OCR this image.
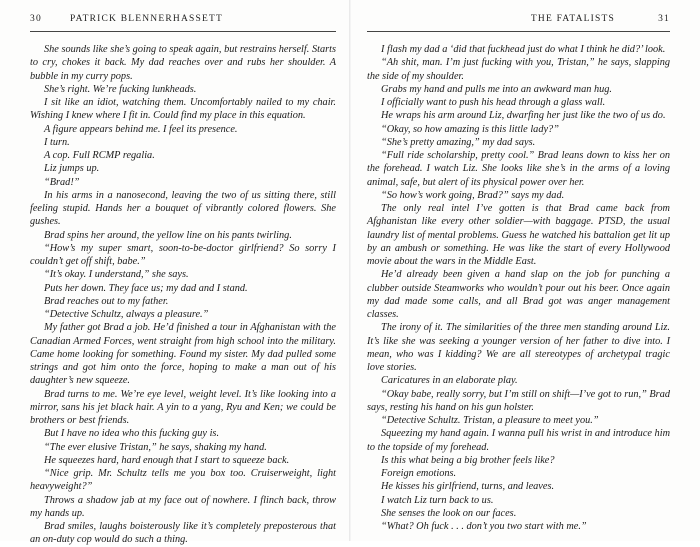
30	PATRICK BLENNERHASSETT

She sounds like she’s going to speak again, but restrains herself. Starts to cry, chokes it back. My dad reaches over and rubs her shoulder. A bubble in my curry pops.

She’s right. We’re fucking lunkheads.

I sit like an idiot, watching them. Uncomfortably nailed to my chair. Wishing I knew where I fit in. Could find my place in this equation.

A figure appears behind me. I feel its presence.

I turn.

A cop. Full RCMP regalia.

Liz jumps up.

“Brad!”

In his arms in a nanosecond, leaving the two of us sitting there, still feeling stupid. Hands her a bouquet of vibrantly colored flowers. She gushes.

Brad spins her around, the yellow line on his pants twirling.

“How’s my super smart, soon-to-be-doctor girlfriend? So sorry I couldn’t get off shift, babe.”

“It’s okay. I understand,” she says.

Puts her down. They face us; my dad and I stand.

Brad reaches out to my father.

“Detective Schultz, always a pleasure.”

My father got Brad a job. He’d finished a tour in Afghanistan with the Canadian Armed Forces, went straight from high school into the military. Came home looking for something. Found my sister. My dad pulled some strings and got him onto the force, hoping to make a man out of his daughter’s new squeeze.

Brad turns to me. We’re eye level, weight level. It’s like looking into a mirror, sans his jet black hair. A yin to a yang, Ryu and Ken; we could be brothers or best friends.

But I have no idea who this fucking guy is.

“The ever elusive Tristan,” he says, shaking my hand.

He squeezes hard, hard enough that I start to squeeze back.

“Nice grip. Mr. Schultz tells me you box too. Cruiserweight, light heavyweight?”

Throws a shadow jab at my face out of nowhere. I flinch back, throw my hands up.

Brad smiles, laughs boisterously like it’s completely preposterous that an on-duty cop would do such a thing.

THE FATALISTS	31

I flash my dad a ‘did that fuckhead just do what I think he did?’ look.

“Ah shit, man. I’m just fucking with you, Tristan,” he says, slapping the side of my shoulder.

Grabs my hand and pulls me into an awkward man hug.

I officially want to push his head through a glass wall.

He wraps his arm around Liz, dwarfing her just like the two of us do.

“Okay, so how amazing is this little lady?”

“She’s pretty amazing,” my dad says.

“Full ride scholarship, pretty cool.” Brad leans down to kiss her on the forehead. I watch Liz. She looks like she’s in the arms of a loving animal, safe, but alert of its physical power over her.

“So how’s work going, Brad?” says my dad.

The only real intel I’ve gotten is that Brad came back from Afghanistan like every other soldier—with baggage. PTSD, the usual laundry list of mental problems. Guess he watched his battalion get lit up by an ambush or something. He was like the start of every Hollywood movie about the wars in the Middle East.

He’d already been given a hand slap on the job for punching a clubber outside Steamworks who wouldn’t pour out his beer. Once again my dad made some calls, and all Brad got was anger management classes.

The irony of it. The similarities of the three men standing around Liz. It’s like she was seeking a younger version of her father to dive into. I mean, who was I kidding? We are all stereotypes of archetypal tragic love stories.

Caricatures in an elaborate play.

“Okay babe, really sorry, but I’m still on shift—I’ve got to run,” Brad says, resting his hand on his gun holster.

“Detective Schultz. Tristan, a pleasure to meet you.”

Squeezing my hand again. I wanna pull his wrist in and introduce him to the topside of my forehead.

Is this what being a big brother feels like?

Foreign emotions.

He kisses his girlfriend, turns, and leaves.

I watch Liz turn back to us.

She senses the look on our faces.

“What? Oh fuck . . . don’t you two start with me.”
